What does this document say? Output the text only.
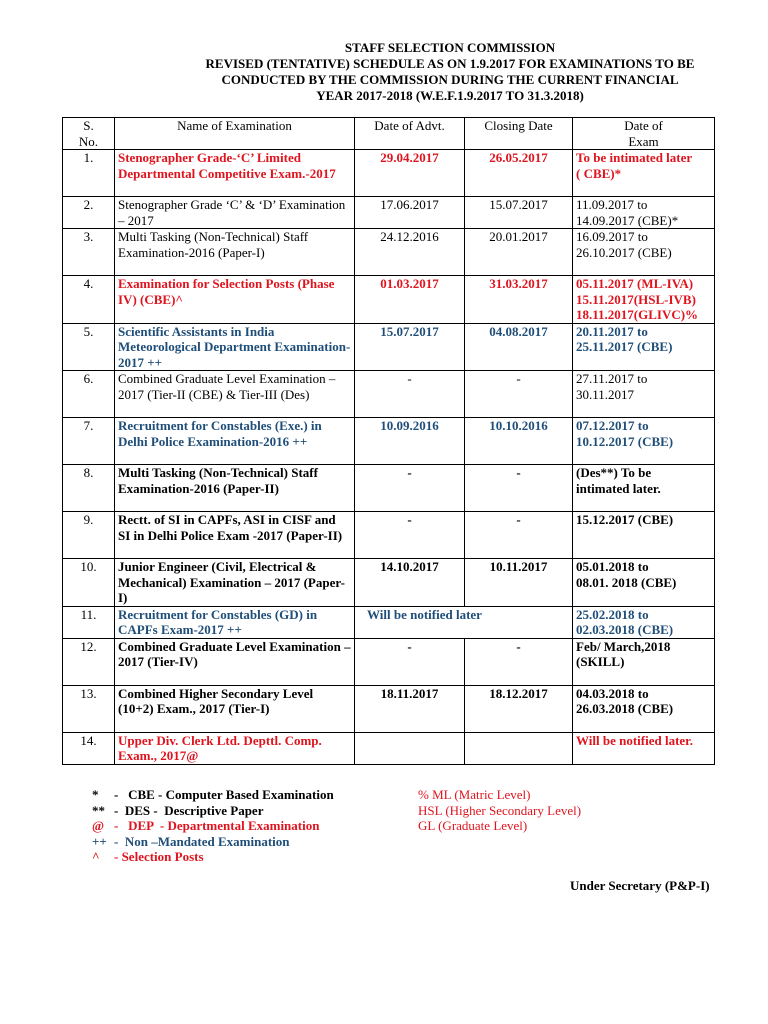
STAFF SELECTION COMMISSION
REVISED (TENTATIVE) SCHEDULE AS ON 1.9.2017 FOR EXAMINATIONS TO BE
CONDUCTED BY THE COMMISSION DURING THE CURRENT FINANCIAL
YEAR 2017-2018 (W.E.F.1.9.2017 TO 31.3.2018)
S.
No.	Name of Examination	Date of Advt.	Closing Date	Date of
Exam
1.	Stenographer Grade-‘C’ Limited Departmental Competitive Exam.-2017	29.04.2017	26.05.2017	To be intimated later
( CBE)*
2.	Stenographer Grade ‘C’ & ‘D’ Examination – 2017	17.06.2017	15.07.2017	11.09.2017 to
14.09.2017 (CBE)*
3.	Multi Tasking (Non-Technical) Staff Examination-2016 (Paper-I)	24.12.2016	20.01.2017	16.09.2017 to
26.10.2017 (CBE)
4.	Examination for Selection Posts (Phase IV) (CBE)^	01.03.2017	31.03.2017	05.11.2017 (ML-IVA)
15.11.2017(HSL-IVB)
18.11.2017(GLIVC)%
5.	Scientific Assistants in India Meteorological Department Examination-2017 ++	15.07.2017	04.08.2017	20.11.2017 to
25.11.2017 (CBE)
6.	Combined Graduate Level Examination – 2017 (Tier-II (CBE) & Tier-III (Des)	-	-	27.11.2017 to
30.11.2017
7.	Recruitment for Constables (Exe.) in Delhi Police Examination-2016 ++	10.09.2016	10.10.2016	07.12.2017 to
10.12.2017 (CBE)
8.	Multi Tasking (Non-Technical) Staff Examination-2016 (Paper-II)	-	-	(Des**) To be
intimated later.
9.	Rectt. of SI in CAPFs, ASI in CISF and SI in Delhi Police Exam -2017 (Paper-II)	-	-	15.12.2017 (CBE)
10.	Junior Engineer (Civil, Electrical & Mechanical) Examination – 2017 (Paper-I)	14.10.2017	10.11.2017	05.01.2018 to
08.01. 2018 (CBE)
11.	Recruitment for Constables (GD) in CAPFs Exam-2017 ++	Will be notified later		25.02.2018 to
02.03.2018 (CBE)
12.	Combined Graduate Level Examination – 2017 (Tier-IV)	-	-	Feb/ March,2018
(SKILL)
13.	Combined Higher Secondary Level (10+2) Exam., 2017 (Tier-I)	18.11.2017	18.12.2017	04.03.2018 to
26.03.2018 (CBE)
14.	Upper Div. Clerk Ltd. Depttl. Comp. Exam., 2017@			Will be notified later.
* -   CBE - Computer Based Examination
** -  DES -  Descriptive Paper
@ -   DEP  - Departmental Examination
++ -  Non –Mandated Examination
^ - Selection Posts
% ML (Matric Level)
HSL (Higher Secondary Level)
GL (Graduate Level)
Under Secretary (P&P-I)
